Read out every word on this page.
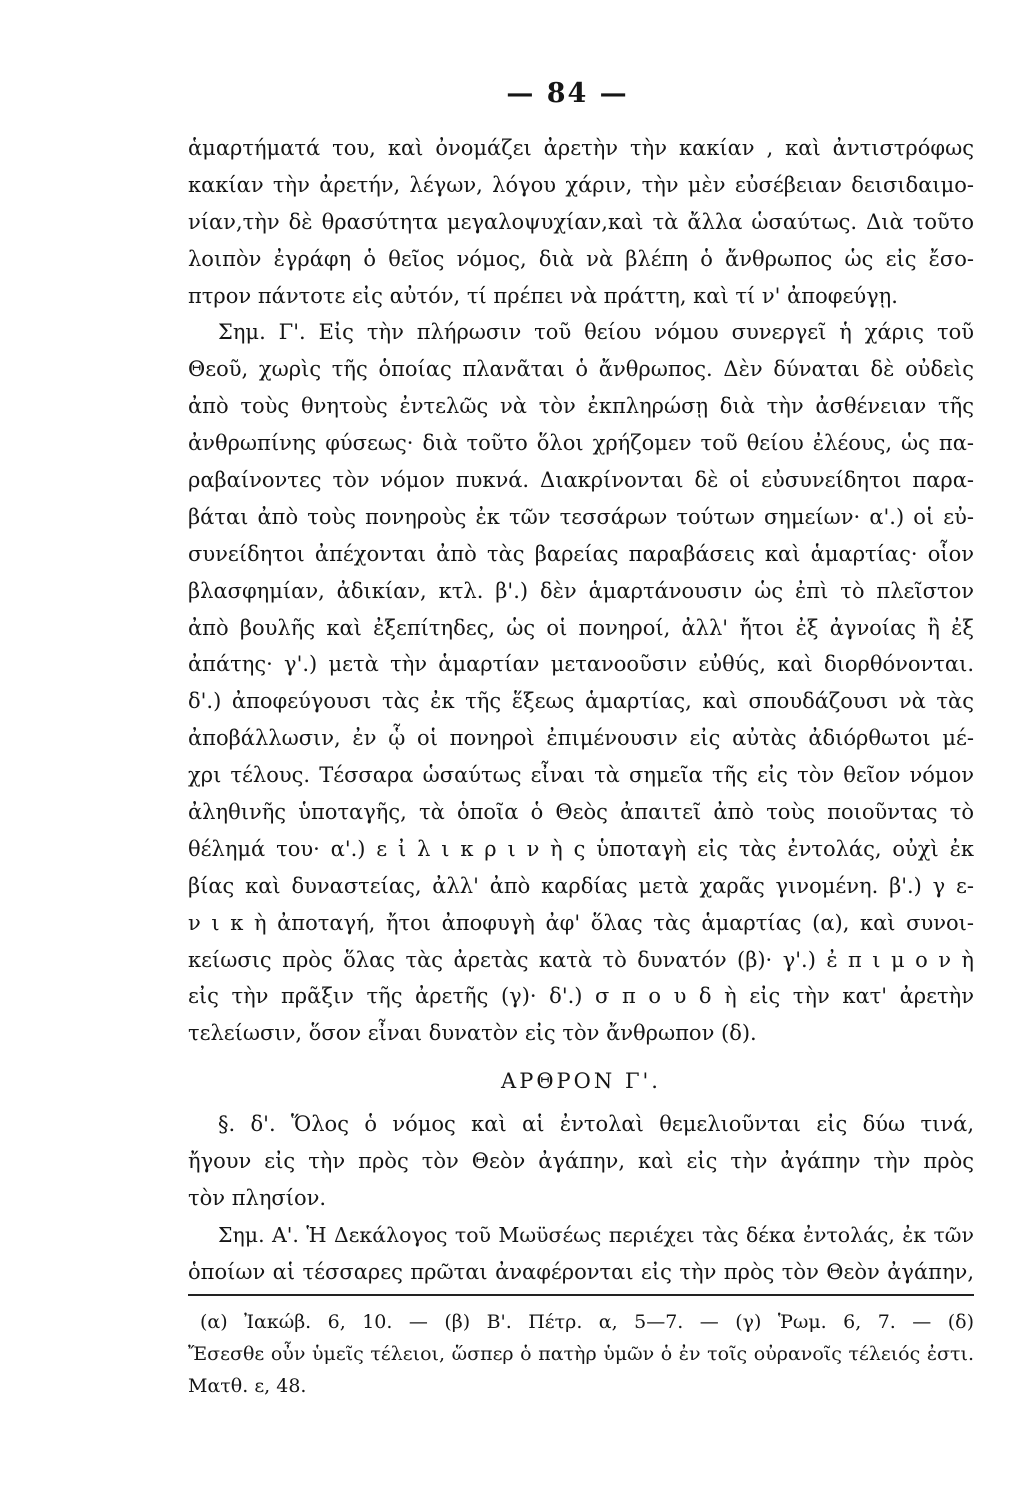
— 84 —
ἁμαρτήματά του, καὶ ὀνομάζει ἀρετὴν τὴν κακίαν , καὶ ἀντιστρόφως
κακίαν τὴν ἀρετήν, λέγων, λόγου χάριν, τὴν μὲν εὐσέβειαν δεισιδαιμο-
νίαν,τὴν δὲ θρασύτητα μεγαλοψυχίαν,καὶ τὰ ἄλλα ὡσαύτως. Διὰ τοῦτο
λοιπὸν ἐγράφη ὁ θεῖος νόμος, διὰ νὰ βλέπη ὁ ἄνθρωπος ὡς εἰς ἔσο-
πτρον πάντοτε εἰς αὐτόν, τί πρέπει νὰ πράττη, καὶ τί ν' ἀποφεύγῃ.
Σημ. Γ'. Εἰς τὴν πλήρωσιν τοῦ θείου νόμου συνεργεῖ ἡ χάρις τοῦ
Θεοῦ, χωρὶς τῆς ὁποίας πλανᾶται ὁ ἄνθρωπος. Δὲν δύναται δὲ οὐδεὶς
ἀπὸ τοὺς θνητοὺς ἐντελῶς νὰ τὸν ἐκπληρώσῃ διὰ τὴν ἀσθένειαν τῆς
ἀνθρωπίνης φύσεως· διὰ τοῦτο ὅλοι χρήζομεν τοῦ θείου ἐλέους, ὡς πα-
ραβαίνοντες τὸν νόμον πυκνά. Διακρίνονται δὲ οἱ εὐσυνείδητοι παρα-
βάται ἀπὸ τοὺς πονηροὺς ἐκ τῶν τεσσάρων τούτων σημείων· α'.) οἱ εὐ-
συνείδητοι ἀπέχονται ἀπὸ τὰς βαρείας παραβάσεις καὶ ἁμαρτίας· οἷον
βλασφημίαν, ἀδικίαν, κτλ. β'.) δὲν ἁμαρτάνουσιν ὡς ἐπὶ τὸ πλεῖστον
ἀπὸ βουλῆς καὶ ἐξεπίτηδες, ὡς οἱ πονηροί, ἀλλ' ἤτοι ἐξ ἀγνοίας ἢ ἐξ
ἀπάτης· γ'.) μετὰ τὴν ἁμαρτίαν μετανοοῦσιν εὐθύς, καὶ διορθόνονται.
δ'.) ἀποφεύγουσι τὰς ἐκ τῆς ἕξεως ἁμαρτίας, καὶ σπουδάζουσι νὰ τὰς
ἀποβάλλωσιν, ἐν ᾧ οἱ πονηροὶ ἐπιμένουσιν εἰς αὐτὰς ἀδιόρθωτοι μέ-
χρι τέλους. Τέσσαρα ὡσαύτως εἶναι τὰ σημεῖα τῆς εἰς τὸν θεῖον νόμον
ἀληθινῆς ὑποταγῆς, τὰ ὁποῖα ὁ Θεὸς ἀπαιτεῖ ἀπὸ τοὺς ποιοῦντας τὸ
θέλημά του· α'.) ε ἰ λ ι κ ρ ι ν ὴ ς ὑποταγὴ εἰς τὰς ἐντολάς, οὐχὶ ἐκ
βίας καὶ δυναστείας, ἀλλ' ἀπὸ καρδίας μετὰ χαρᾶς γινομένη. β'.) γ ε-
ν ι κ ὴ ἀποταγή, ἤτοι ἀποφυγὴ ἀφ' ὅλας τὰς ἁμαρτίας (α), καὶ συνοι-
κείωσις πρὸς ὅλας τὰς ἀρετὰς κατὰ τὸ δυνατόν (β)· γ'.) ἐ π ι μ ο ν ὴ
εἰς τὴν πρᾶξιν τῆς ἀρετῆς (γ)· δ'.) σ π ο υ δ ὴ εἰς τὴν κατ' ἀρετὴν
τελείωσιν, ὅσον εἶναι δυνατὸν εἰς τὸν ἄνθρωπον (δ).
ΑΡΘΡΟΝ Γ'.
§. δ'. Ὅλος ὁ νόμος καὶ αἱ ἐντολαὶ θεμελιοῦνται εἰς δύω τινά,
ἤγουν εἰς τὴν πρὸς τὸν Θεὸν ἀγάπην, καὶ εἰς τὴν ἀγάπην τὴν πρὸς
τὸν πλησίον.
Σημ. Α'. Ἡ Δεκάλογος τοῦ Μωϋσέως περιέχει τὰς δέκα ἐντολάς, ἐκ τῶν
ὁποίων αἱ τέσσαρες πρῶται ἀναφέρονται εἰς τὴν πρὸς τὸν Θεὸν ἀγάπην,
(α) Ἰακώβ. 6, 10. — (β) Β'. Πέτρ. α, 5—7. — (γ) Ῥωμ. 6, 7. — (δ)
Ἔσεσθε οὖν ὑμεῖς τέλειοι, ὥσπερ ὁ πατὴρ ὑμῶν ὁ ἐν τοῖς οὐρανοῖς τέλειός ἐστι.
Ματθ. ε, 48.
